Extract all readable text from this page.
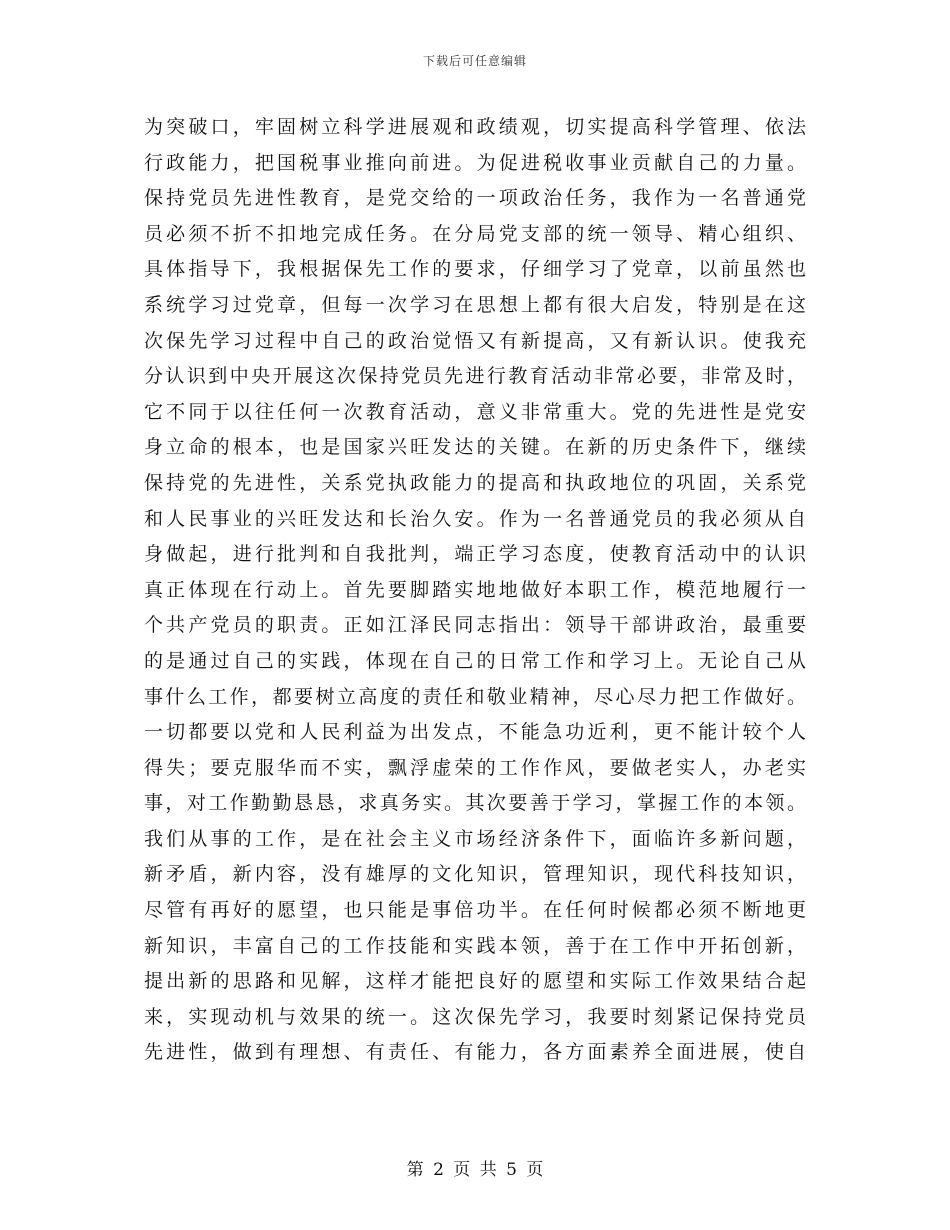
下载后可任意编辑
为突破口，牢固树立科学进展观和政绩观，切实提高科学管理、依法
行政能力，把国税事业推向前进。为促进税收事业贡献自己的力量。
保持党员先进性教育，是党交给的一项政治任务，我作为一名普通党
员必须不折不扣地完成任务。在分局党支部的统一领导、精心组织、
具体指导下，我根据保先工作的要求，仔细学习了党章，以前虽然也
系统学习过党章，但每一次学习在思想上都有很大启发，特别是在这
次保先学习过程中自己的政治觉悟又有新提高，又有新认识。使我充
分认识到中央开展这次保持党员先进行教育活动非常必要，非常及时，
它不同于以往任何一次教育活动，意义非常重大。党的先进性是党安
身立命的根本，也是国家兴旺发达的关键。在新的历史条件下，继续
保持党的先进性，关系党执政能力的提高和执政地位的巩固，关系党
和人民事业的兴旺发达和长治久安。作为一名普通党员的我必须从自
身做起，进行批判和自我批判，端正学习态度，使教育活动中的认识
真正体现在行动上。首先要脚踏实地地做好本职工作，模范地履行一
个共产党员的职责。正如江泽民同志指出：领导干部讲政治，最重要
的是通过自己的实践，体现在自己的日常工作和学习上。无论自己从
事什么工作，都要树立高度的责任和敬业精神，尽心尽力把工作做好。
一切都要以党和人民利益为出发点，不能急功近利，更不能计较个人
得失；要克服华而不实，飘浮虚荣的工作作风，要做老实人，办老实
事，对工作勤勤恳恳，求真务实。其次要善于学习，掌握工作的本领。
我们从事的工作，是在社会主义市场经济条件下，面临许多新问题，
新矛盾，新内容，没有雄厚的文化知识，管理知识，现代科技知识，
尽管有再好的愿望，也只能是事倍功半。在任何时候都必须不断地更
新知识，丰富自己的工作技能和实践本领，善于在工作中开拓创新，
提出新的思路和见解，这样才能把良好的愿望和实际工作效果结合起
来，实现动机与效果的统一。这次保先学习，我要时刻紧记保持党员
先进性，做到有理想、有责任、有能力，各方面素养全面进展，使自
第 2 页 共 5 页
